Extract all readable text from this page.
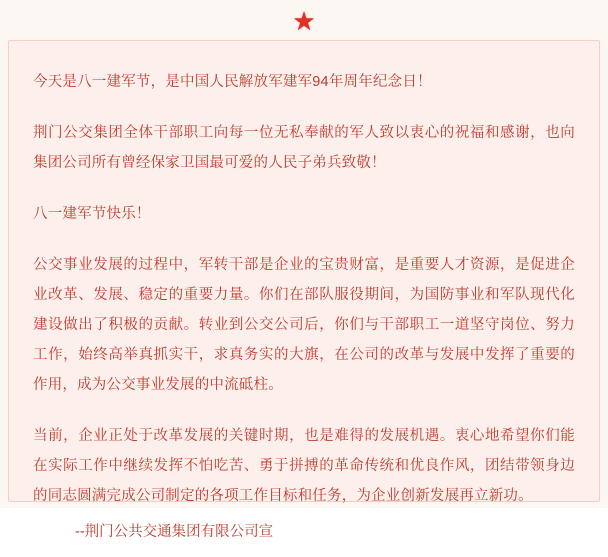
★

今天是八一建军节，是中国人民解放军建军94年周年纪念日！

荆门公交集团全体干部职工向每一位无私奉献的军人致以衷心的祝福和感谢，也向集团公司所有曾经保家卫国最可爱的人民子弟兵致敬！

八一建军节快乐！

公交事业发展的过程中，军转干部是企业的宝贵财富，是重要人才资源，是促进企业改革、发展、稳定的重要力量。你们在部队服役期间，为国防事业和军队现代化建设做出了积极的贡献。转业到公交公司后，你们与干部职工一道坚守岗位、努力工作，始终高举真抓实干，求真务实的大旗，在公司的改革与发展中发挥了重要的作用，成为公交事业发展的中流砥柱。

当前，企业正处于改革发展的关键时期，也是难得的发展机遇。衷心地希望你们能在实际工作中继续发挥不怕吃苦、勇于拼搏的革命传统和优良作风，团结带领身边的同志圆满完成公司制定的各项工作目标和任务，为企业创新发展再立新功。

--荆门公共交通集团有限公司宣
